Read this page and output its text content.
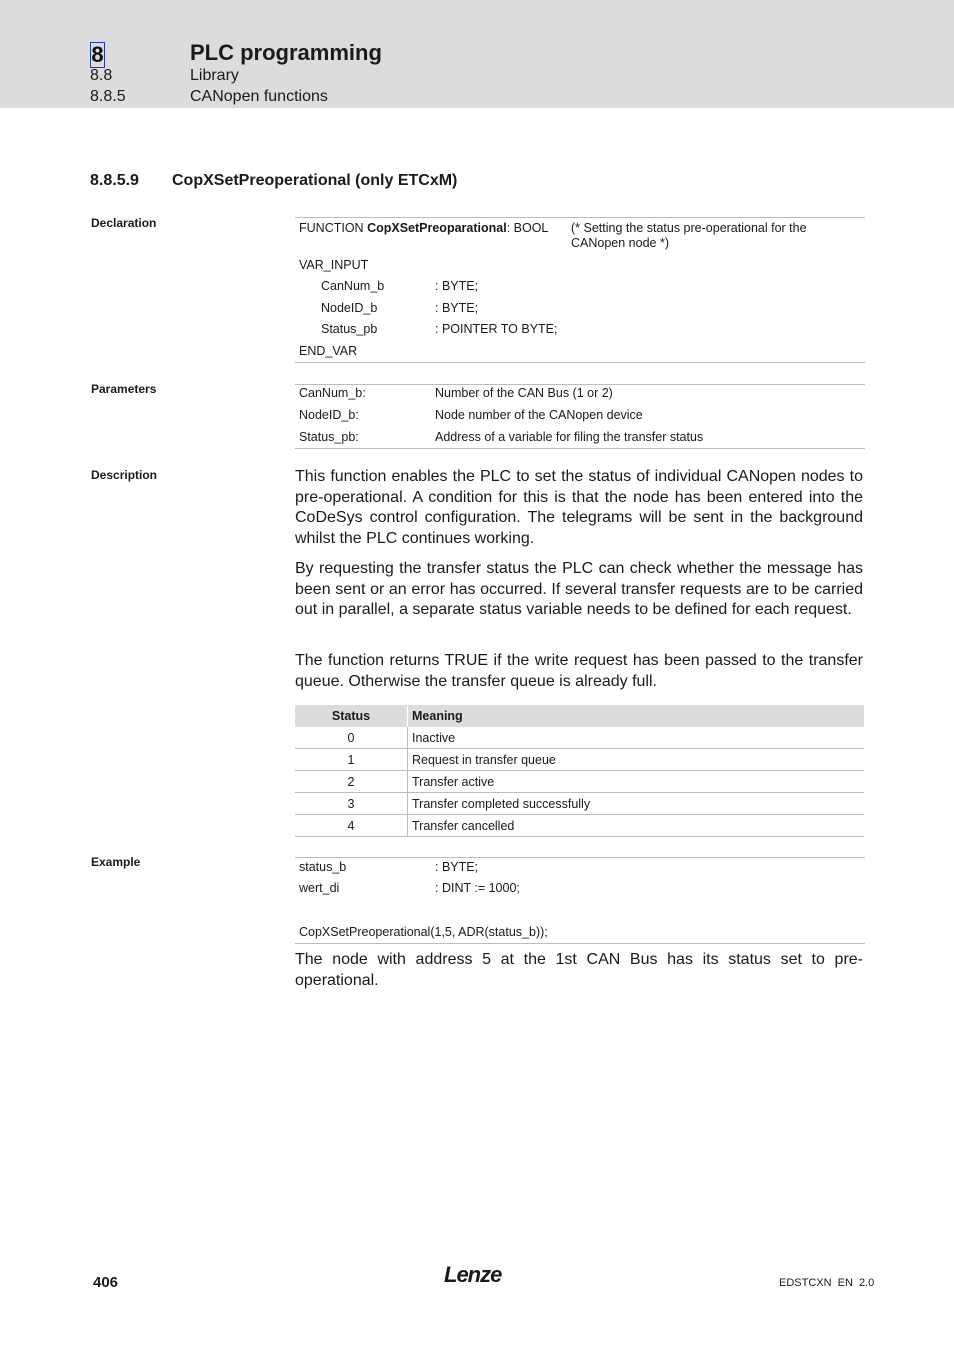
8	PLC programming
8.8	Library
8.8.5	CANopen functions
8.8.5.9 CopXSetPreoperational (only ETCxM)
Declaration	FUNCTION CopXSetPreoparational: BOOL (* Setting the status pre-operational for the
CANopen node *)
VAR_INPUT
CanNum_b	: BYTE;
NodeID_b	: BYTE;
Status_pb	: POINTER TO BYTE;
END_VAR
Parameters	CanNum_b:	Number of the CAN Bus (1 or 2)
NodeID_b:	Node number of the CANopen device
Status_pb:	Address of a variable for filing the transfer status
Description	This function enables the PLC to set the status of individual CANopen nodes to pre-operational. A condition for this is that the node has been entered into the CoDeSys control configuration. The telegrams will be sent in the background whilst the PLC continues working.

By requesting the transfer status the PLC can check whether the message has been sent or an error has occurred. If several transfer requests are to be carried out in parallel, a separate status variable needs to be defined for each request.

The function returns TRUE if the write request has been passed to the transfer queue. Otherwise the transfer queue is already full.

Status	Meaning
0	Inactive
1	Request in transfer queue
2	Transfer active
3	Transfer completed successfully
4	Transfer cancelled
Example	status_b	: BYTE;
wert_di	: DINT := 1000;
CopXSetPreoperational(1,5, ADR(status_b));

The node with address 5 at the 1st CAN Bus has its status set to pre-operational.

406	Lenze	EDSTCXN EN 2.0
